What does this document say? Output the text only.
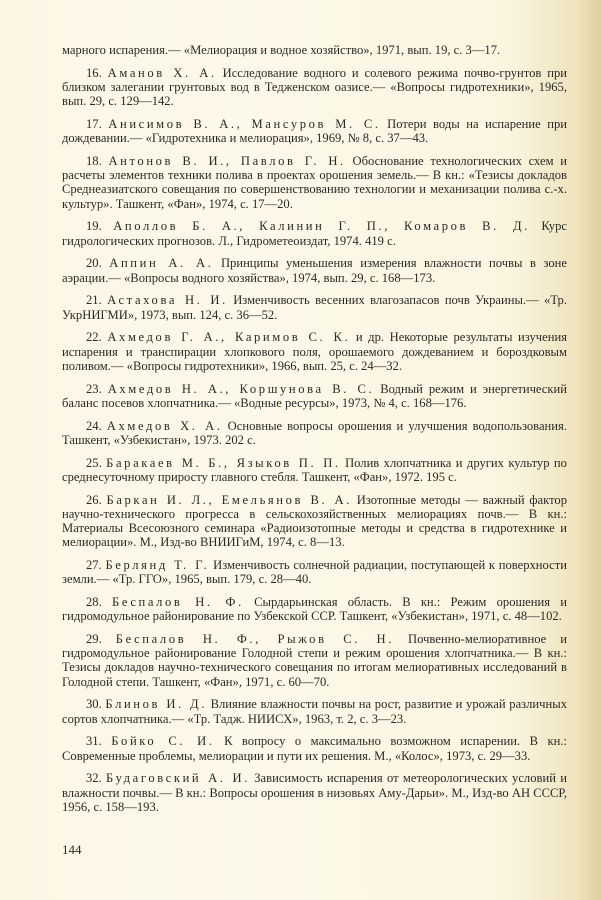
марного испарения.— «Мелиорация и водное хозяйство», 1971, вып. 19, с. 3—17.

16. Аманов Х. А. Исследование водного и солевого режима почво-грунтов при близком залегании грунтовых вод в Тедженском оазисе.— «Вопросы гидротехники», 1965, вып. 29, с. 129—142.

17. Анисимов В. А., Мансуров М. С. Потери воды на испарение при дождевании.— «Гидротехника и мелиорация», 1969, № 8, с. 37—43.

18. Антонов В. И., Павлов Г. Н. Обоснование технологических схем и расчеты элементов техники полива в проектах орошения земель.— В кн.: «Тезисы докладов Среднеазиатского совещания по совершенствованию технологии и механизации полива с.-х. культур». Ташкент, «Фан», 1974, с. 17—20.

19. Аполлов Б. А., Калинин Г. П., Комаров В. Д. Курс гидрологических прогнозов. Л., Гидрометеоиздат, 1974. 419 с.

20. Аппин А. А. Принципы уменьшения измерения влажности почвы в зоне аэрации.— «Вопросы водного хозяйства», 1974, вып. 29, с. 168—173.

21. Астахова Н. И. Изменчивость весенних влагозапасов почв Украины.— «Тр. УкрНИГМИ», 1973, вып. 124, с. 36—52.

22. Ахмедов Г. А., Каримов С. К. и др. Некоторые результаты изучения испарения и транспирации хлопкового поля, орошаемого дождеванием и бороздковым поливом.— «Вопросы гидротехники», 1966, вып. 25, с. 24—32.

23. Ахмедов Н. А., Коршунова В. С. Водный режим и энергетический баланс посевов хлопчатника.— «Водные ресурсы», 1973, № 4, с. 168—176.

24. Ахмедов Х. А. Основные вопросы орошения и улучшения водопользования. Ташкент, «Узбекистан», 1973. 202 с.

25. Баракаев М. Б., Языков П. П. Полив хлопчатника и других культур по среднесуточному приросту главного стебля. Ташкент, «Фан», 1972. 195 с.

26. Баркан И. Л., Емельянов В. А. Изотопные методы — важный фактор научно-технического прогресса в сельскохозяйственных мелиорациях почв.— В кн.: Материалы Всесоюзного семинара «Радиоизотопные методы и средства в гидротехнике и мелиорации». М., Изд-во ВНИИГиМ, 1974, с. 8—13.

27. Берлянд Т. Г. Изменчивость солнечной радиации, поступающей к поверхности земли.— «Тр. ГГО», 1965, вып. 179, с. 28—40.

28. Беспалов Н. Ф. Сырдарьинская область. В кн.: Режим орошения и гидромодульное районирование по Узбекской ССР. Ташкент, «Узбекистан», 1971, с. 48—102.

29. Беспалов Н. Ф., Рыжов С. Н. Почвенно-мелиоративное и гидромодульное районирование Голодной степи и режим орошения хлопчатника.— В кн.: Тезисы докладов научно-технического совещания по итогам мелиоративных исследований в Голодной степи. Ташкент, «Фан», 1971, с. 60—70.

30. Блинов И. Д. Влияние влажности почвы на рост, развитие и урожай различных сортов хлопчатника.— «Тр. Тадж. НИИСХ», 1963, т. 2, с. 3—23.

31. Бойко С. И. К вопросу о максимально возможном испарении. В кн.: Современные проблемы, мелиорации и пути их решения. М., «Колос», 1973, с. 29—33.

32. Будаговский А. И. Зависимость испарения от метеорологических условий и влажности почвы.— В кн.: Вопросы орошения в низовьях Аму-Дарьи». М., Изд-во АН СССР, 1956, с. 158—193.

144
